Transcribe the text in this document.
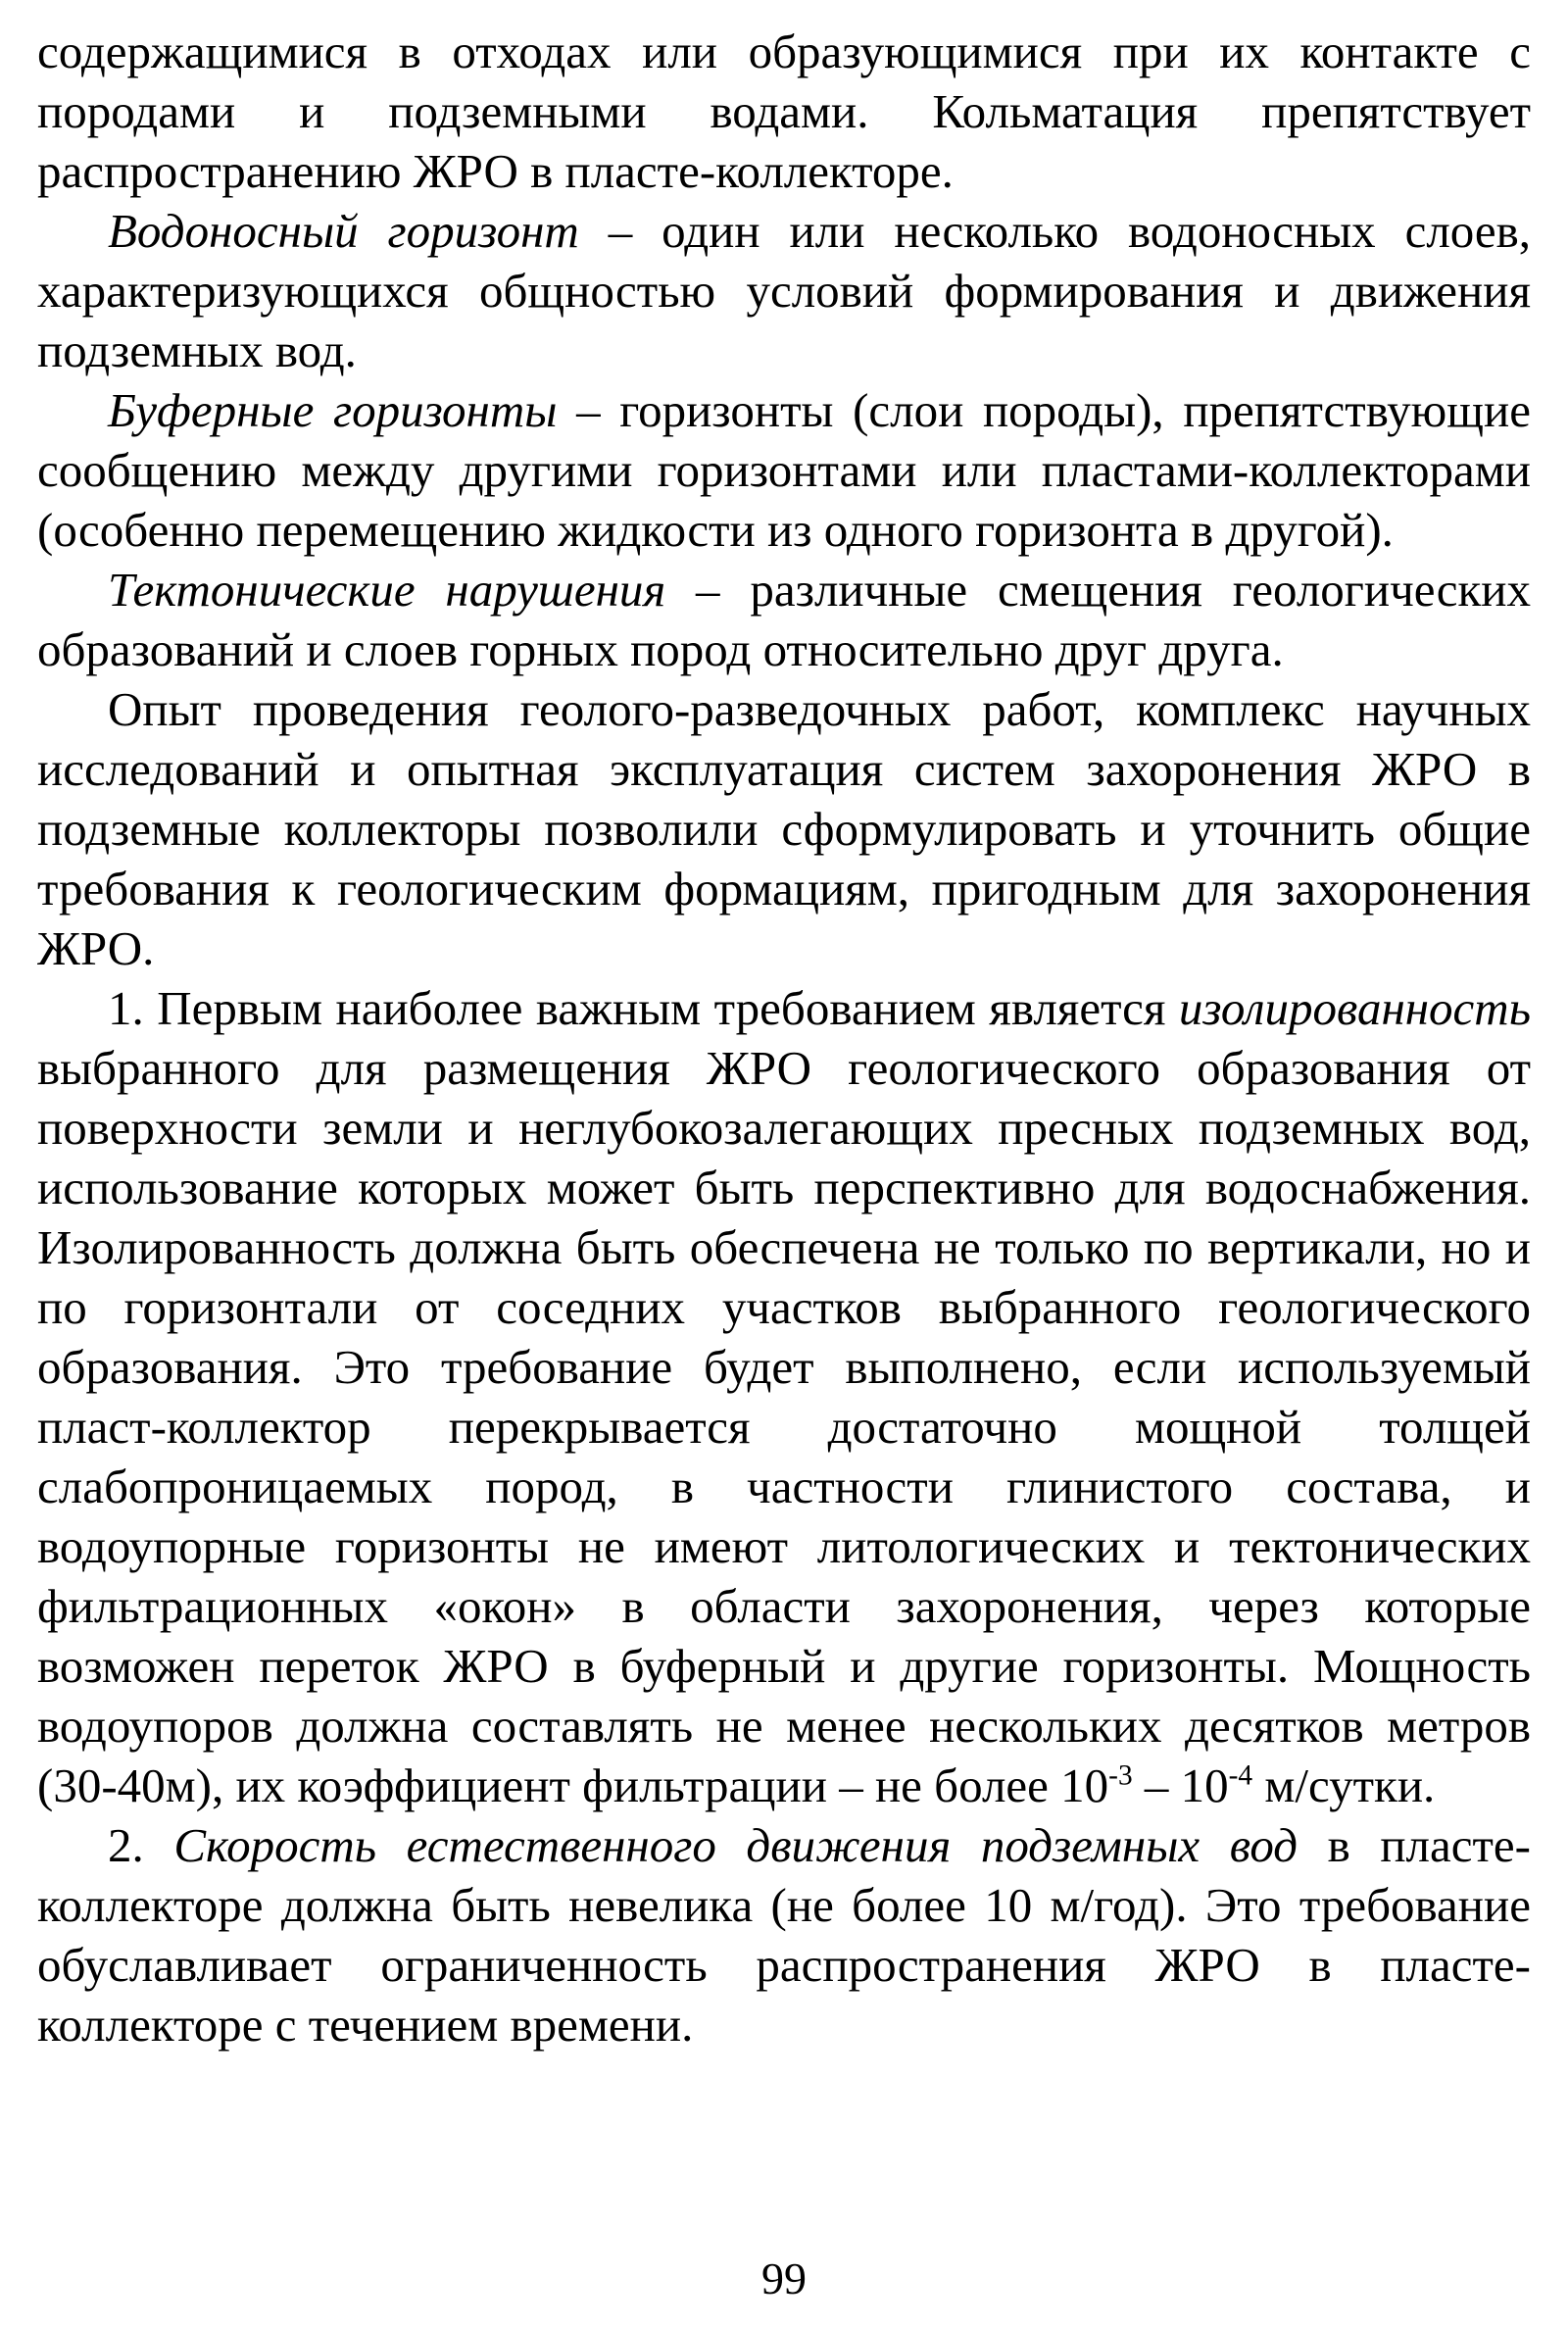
содержащимися в отходах или образующимися при их контакте с породами и подземными водами. Кольматация препятствует распространению ЖРО в пласте-коллекторе.

Водоносный горизонт – один или несколько водоносных слоев, характеризующихся общностью условий формирования и движения подземных вод.

Буферные горизонты – горизонты (слои породы), препятствующие сообщению между другими горизонтами или пластами-коллекторами (особенно перемещению жидкости из одного горизонта в другой).

Тектонические нарушения – различные смещения геологических образований и слоев горных пород относительно друг друга.

Опыт проведения геолого-разведочных работ, комплекс научных исследований и опытная эксплуатация систем захоронения ЖРО в подземные коллекторы позволили сформулировать и уточнить общие требования к геологическим формациям, пригодным для захоронения ЖРО.

1. Первым наиболее важным требованием является изолированность выбранного для размещения ЖРО геологического образования от поверхности земли и неглубокозалегающих пресных подземных вод, использование которых может быть перспективно для водоснабжения. Изолированность должна быть обеспечена не только по вертикали, но и по горизонтали от соседних участков выбранного геологического образования. Это требование будет выполнено, если используемый пласт-коллектор перекрывается достаточно мощной толщей слабопроницаемых пород, в частности глинистого состава, и водоупорные горизонты не имеют литологических и тектонических фильтрационных «окон» в области захоронения, через которые возможен переток ЖРО в буферный и другие горизонты. Мощность водоупоров должна составлять не менее нескольких десятков метров (30-40м), их коэффициент фильтрации – не более $10^{-3} - 10^{-4}$ м/сутки.

2. Скорость естественного движения подземных вод в пласте-коллекторе должна быть невелика (не более 10 м/год). Это требование обуславливает ограниченность распространения ЖРО в пласте-коллекторе с течением времени.

99
